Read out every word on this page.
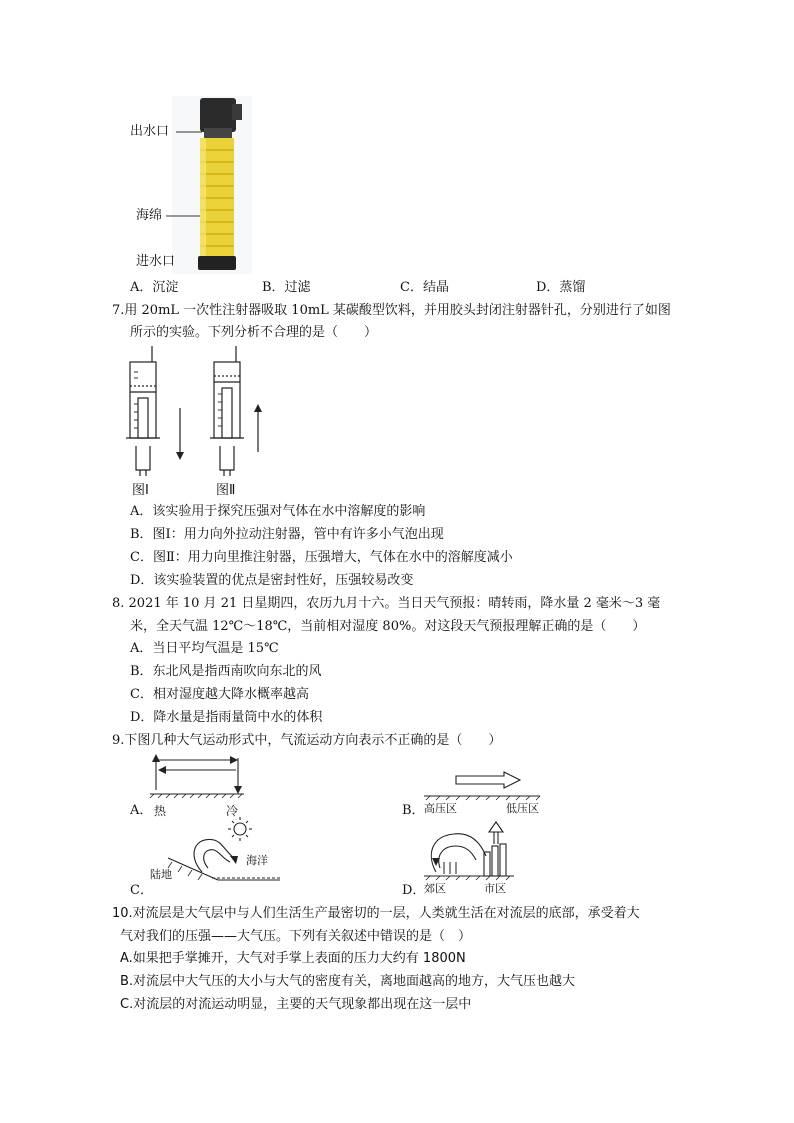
出水口
海绵
进水口
A．沉淀	B．过滤	C．结晶	D．蒸馏
7.用 20mL 一次性注射器吸取 10mL 某碳酸型饮料，并用胶头封闭注射器针孔，分别进行了如图
所示的实验。下列分析不合理的是（　　）
图Ⅰ	图Ⅱ
A．该实验用于探究压强对气体在水中溶解度的影响
B．图Ⅰ：用力向外拉动注射器，管中有许多小气泡出现
C．图Ⅱ：用力向里推注射器，压强增大，气体在水中的溶解度减小
D．该实验装置的优点是密封性好，压强较易改变
8. 2021 年 10 月 21 日星期四，农历九月十六。当日天气预报：晴转雨，降水量 2 毫米～3 毫
米，全天气温 12℃～18℃，当前相对湿度 80%。对这段天气预报理解正确的是（　　）
A．当日平均气温是 15℃
B．东北风是指西南吹向东北的风
C．相对湿度越大降水概率越高
D．降水量是指雨量筒中水的体积
9.下图几种大气运动形式中，气流运动方向表示不正确的是（　　）
A． 热	冷	B． 高压区	低压区
陆地
海洋
C．	D．
郊区	市区
10.对流层是大气层中与人们生活生产最密切的一层，人类就生活在对流层的底部，承受着大
气对我们的压强——大气压。下列有关叙述中错误的是（　）
A.如果把手掌摊开，大气对手掌上表面的压力大约有 1800N
B.对流层中大气压的大小与大气的密度有关，离地面越高的地方，大气压也越大
C.对流层的对流运动明显，主要的天气现象都出现在这一层中
